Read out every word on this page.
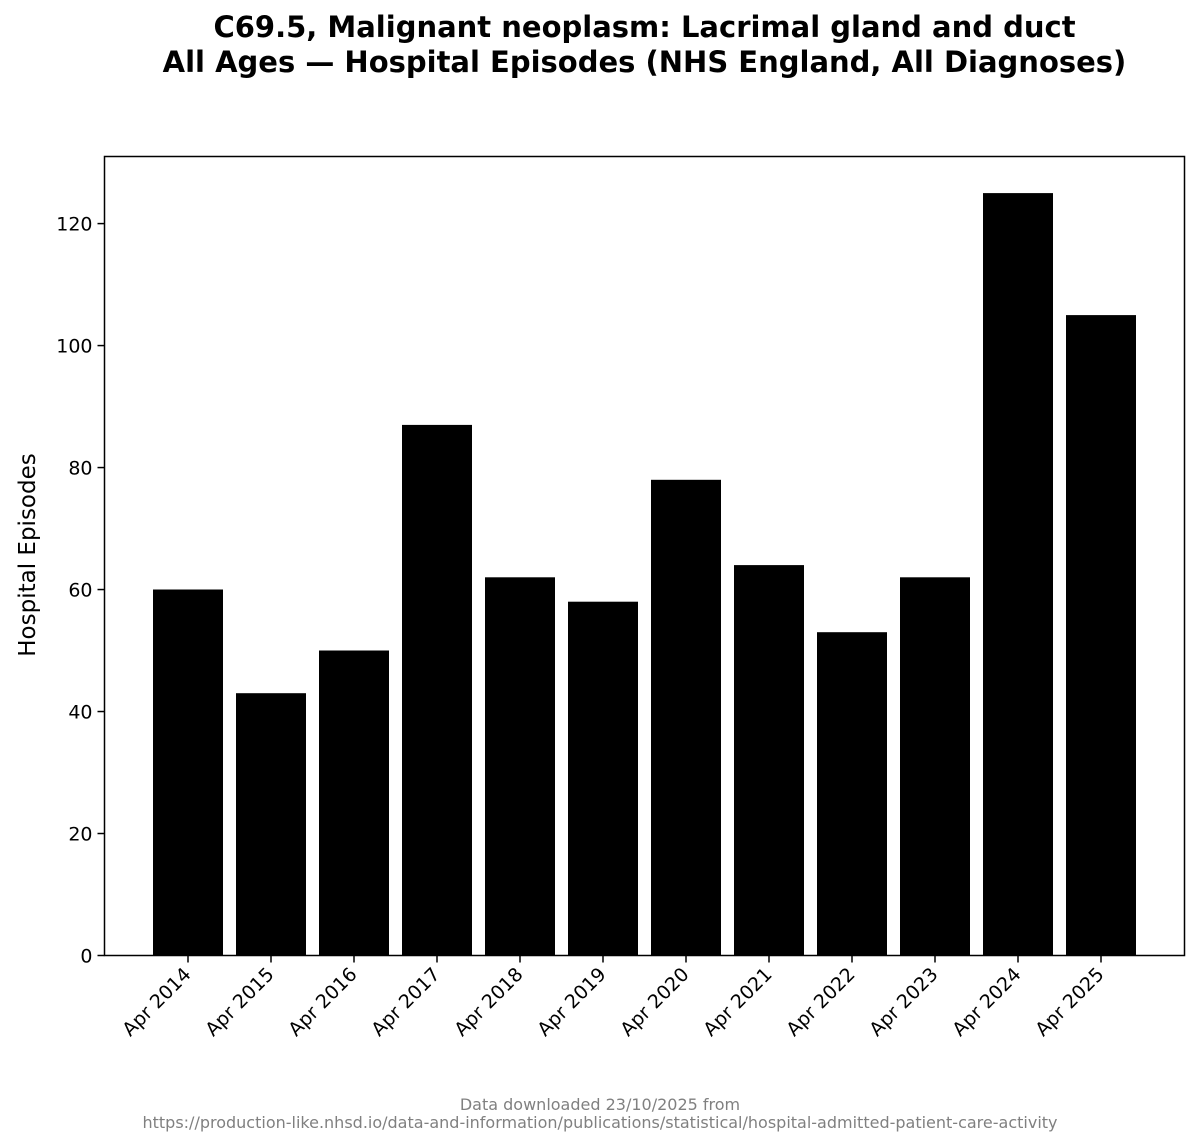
C69.5, Malignant neoplasm: Lacrimal gland and duct
All Ages — Hospital Episodes (NHS England, All Diagnoses)
0
20
40
60
80
100
120
Apr 2014 Apr 2015 Apr 2016 Apr 2017 Apr 2018 Apr 2019 Apr 2020 Apr 2021 Apr 2022 Apr 2023 Apr 2024 Apr 2025
Hospital Episodes
Data downloaded 23/10/2025 from
https://production-like.nhsd.io/data-and-information/publications/statistical/hospital-admitted-patient-care-activity
